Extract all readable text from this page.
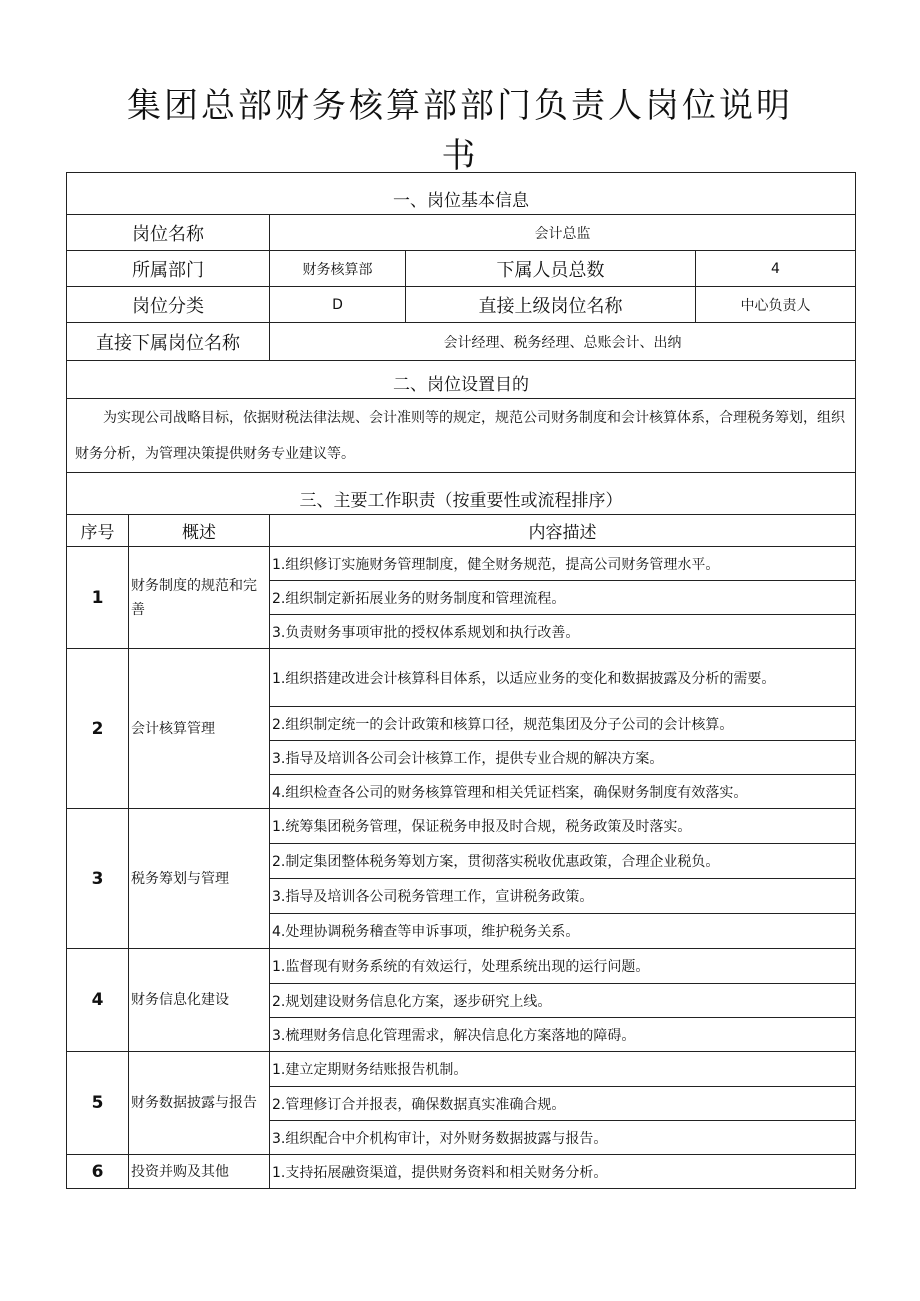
集团总部财务核算部部门负责人岗位说明
书
一、岗位基本信息				
岗位名称		会计总监		
所属部门		财务核算部	下属人员总数	4
岗位分类		D	直接上级岗位名称	中心负责人
直接下属岗位名称		会计经理、税务经理、总账会计、出纳		
二、岗位设置目的				
为实现公司战略目标，依据财税法律法规、会计准则等的规定，规范公司财务制度和会计核算体系，合理税务筹划，组织财务分析，为管理决策提供财务专业建议等。				
三、主要工作职责（按重要性或流程排序）				
序号	概述	内容描述		
1	财务制度的规范和完善	1.组织修订实施财务管理制度，健全财务规范，提高公司财务管理水平。		
		2.组织制定新拓展业务的财务制度和管理流程。		
		3.负责财务事项审批的授权体系规划和执行改善。		
2	会计核算管理	1.组织搭建改进会计核算科目体系，以适应业务的变化和数据披露及分析的需要。		
		2.组织制定统一的会计政策和核算口径，规范集团及分子公司的会计核算。		
		3.指导及培训各公司会计核算工作，提供专业合规的解决方案。		
		4.组织检查各公司的财务核算管理和相关凭证档案，确保财务制度有效落实。		
3	税务筹划与管理	1.统筹集团税务管理，保证税务申报及时合规，税务政策及时落实。		
		2.制定集团整体税务筹划方案，贯彻落实税收优惠政策，合理企业税负。		
		3.指导及培训各公司税务管理工作，宣讲税务政策。		
		4.处理协调税务稽查等申诉事项，维护税务关系。		
4	财务信息化建设	1.监督现有财务系统的有效运行，处理系统出现的运行问题。		
		2.规划建设财务信息化方案，逐步研究上线。		
		3.梳理财务信息化管理需求，解决信息化方案落地的障碍。		
5	财务数据披露与报告	1.建立定期财务结账报告机制。		
		2.管理修订合并报表，确保数据真实准确合规。		
		3.组织配合中介机构审计，对外财务数据披露与报告。		
6	投资并购及其他	1.支持拓展融资渠道，提供财务资料和相关财务分析。		
